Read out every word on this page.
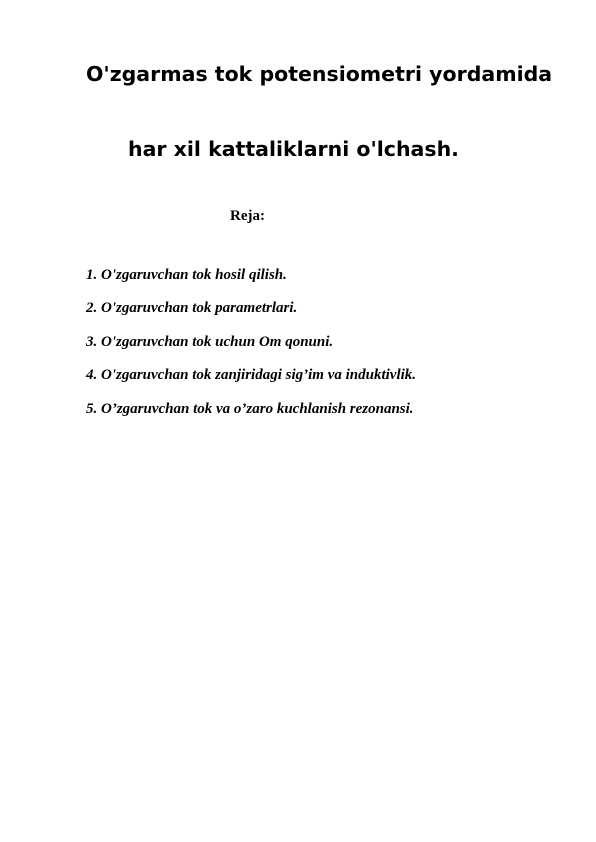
O'zgarmas tok potensiometri yordamida
har xil kattaliklarni o'lchash.
Reja:
1. O'zgaruvchan tok hosil qilish.
2. O'zgaruvchan tok parametrlari.
3. O'zgaruvchan tok uchun Om qonuni.
4. O'zgaruvchan tok zanjiridagi sig’im va induktivlik.
5. O’zgaruvchan tok va o’zaro kuchlanish rezonansi.
